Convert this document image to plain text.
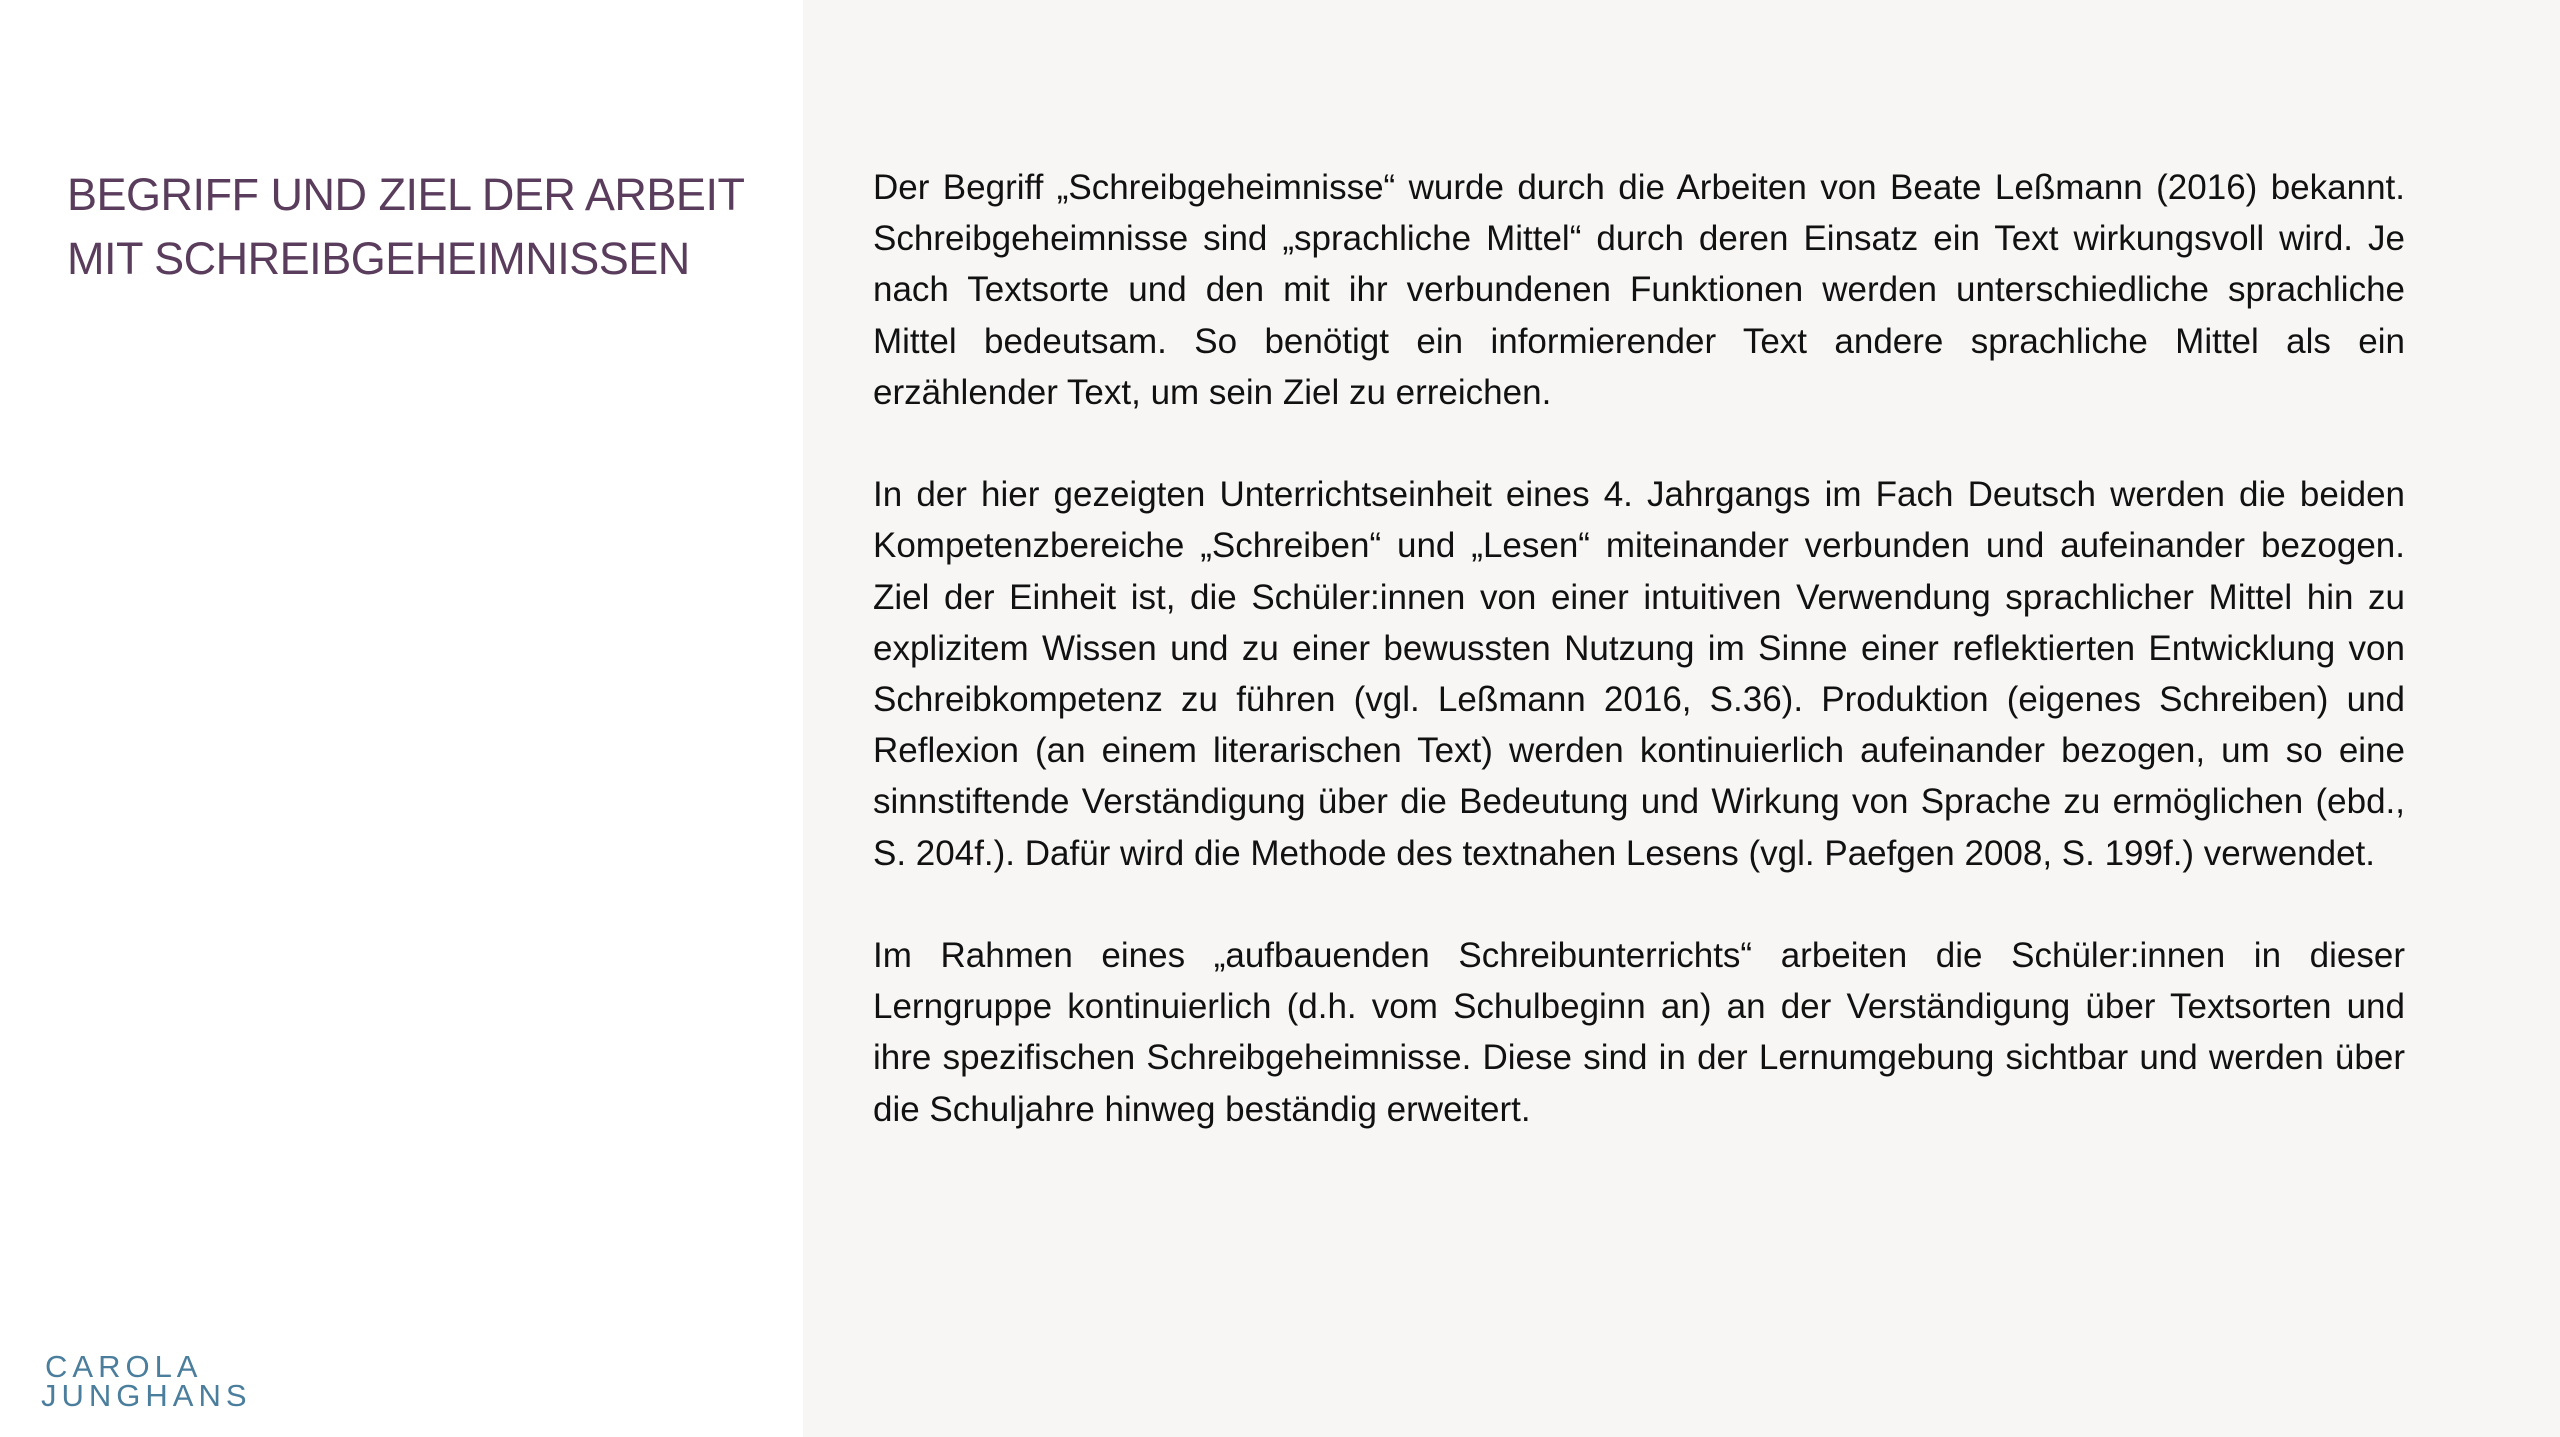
BEGRIFF UND ZIEL DER ARBEIT
MIT SCHREIBGEHEIMNISSEN
CAROLA
JUNGHANS

Der Begriff „Schreibgeheimnisse“ wurde durch die Arbeiten von Beate Leßmann (2016) bekannt. Schreibgeheimnisse sind „sprachliche Mittel“ durch deren Einsatz ein Text wirkungsvoll wird. Je nach Textsorte und den mit ihr verbundenen Funktionen werden unterschiedliche sprachliche Mittel bedeutsam. So benötigt ein informierender Text andere sprachliche Mittel als ein erzählender Text, um sein Ziel zu erreichen.

In der hier gezeigten Unterrichtseinheit eines 4. Jahrgangs im Fach Deutsch werden die beiden Kompetenzbereiche „Schreiben“ und „Lesen“ miteinander verbunden und aufeinander bezogen. Ziel der Einheit ist, die Schüler:innen von einer intuitiven Verwendung sprachlicher Mittel hin zu explizitem Wissen und zu einer bewussten Nutzung im Sinne einer reflektierten Entwicklung von Schreibkompetenz zu führen (vgl. Leßmann 2016, S.36). Produktion (eigenes Schreiben) und Reflexion (an einem literarischen Text) werden kontinuierlich aufeinander bezogen, um so eine sinnstiftende Verständigung über die Bedeutung und Wirkung von Sprache zu ermöglichen (ebd., S. 204f.). Dafür wird die Methode des textnahen Lesens (vgl. Paefgen 2008, S. 199f.) verwendet.

Im Rahmen eines „aufbauenden Schreibunterrichts“ arbeiten die Schüler:innen in dieser Lerngruppe kontinuierlich (d.h. vom Schulbeginn an) an der Verständigung über Textsorten und ihre spezifischen Schreibgeheimnisse. Diese sind in der Lernumgebung sichtbar und werden über die Schuljahre hinweg beständig erweitert.
